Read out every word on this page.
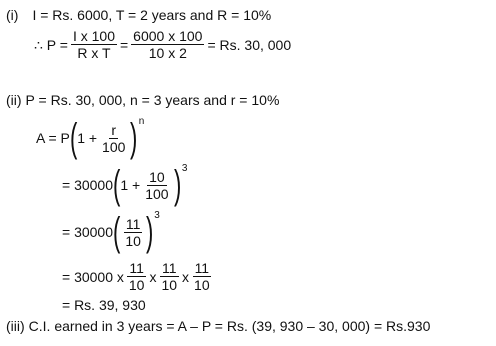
(i) I = Rs. 6000, T = 2 years and R = 10%
∴ $P = \frac{\text{I x 100}}{\text{R x T}} = \frac{6000 x 100}{10 x 2} = Rs$. 30, 000
(ii) P = Rs. 30, 000, n = 3 years and r = 10%
A = P ( $1 + \frac{r}{100}$ ) n
= 30000 ( $1 + \frac{10}{100}$ ) 3
= 30000 ( $\frac{11}{10}$ ) 3
= 30000 x $\frac{11}{10}$ x $\frac{11}{10}$ x $\frac{11}{10}$
= Rs. 39, 930
(iii) C.I. earned in 3 years = A – P = Rs. (39, 930 – 30, 000) = Rs.930
